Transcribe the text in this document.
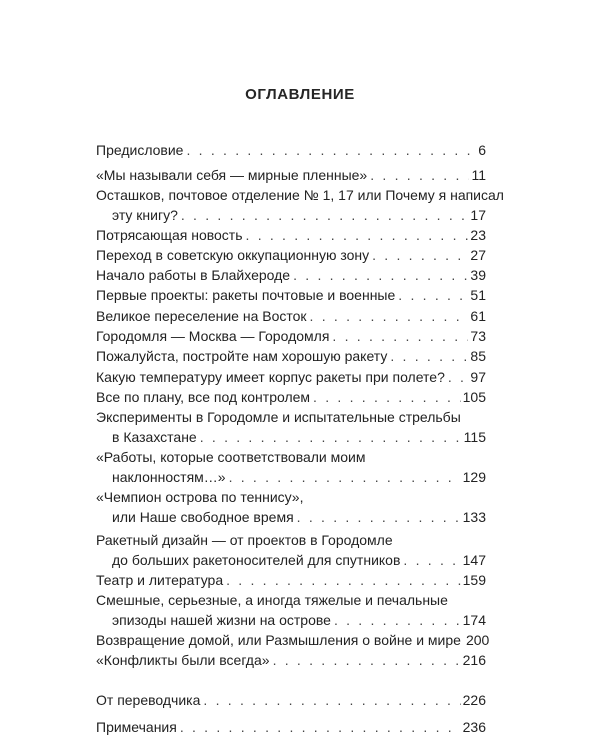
ОГЛАВЛЕНИЕ
Предисловие . . .	6
«Мы называли себя — мирные пленные» . . .	11
Осташков, почтовое отделение № 1, 17 или Почему я написал
эту книгу? . . .	17
Потрясающая новость . . .	23
Переход в советскую оккупационную зону . . .	27
Начало работы в Блайхероде . . .	39
Первые проекты: ракеты почтовые и военные . . .	51
Великое переселение на Восток . . .	61
Городомля — Москва — Городомля . . .	73
Пожалуйста, постройте нам хорошую ракету . . .	85
Какую температуру имеет корпус ракеты при полете? . . . 97
Все по плану, все под контролем . . .	105
Эксперименты в Городомле и испытательные стрельбы
в Казахстане . . .	115
«Работы, которые соответствовали моим
наклонностям…» . . .	129
«Чемпион острова по теннису»,
или Наше свободное время . . .	133
Ракетный дизайн — от проектов в Городомле
до больших ракетоносителей для спутников . . .	147
Театр и литература . . .	159
Смешные, серьезные, а иногда тяжелые и печальные
эпизоды нашей жизни на острове . . .	174
Возвращение домой, или Размышления о войне и мире 200
«Конфликты были всегда» . . .	216
От переводчика . . .	226
Примечания . . .	236
